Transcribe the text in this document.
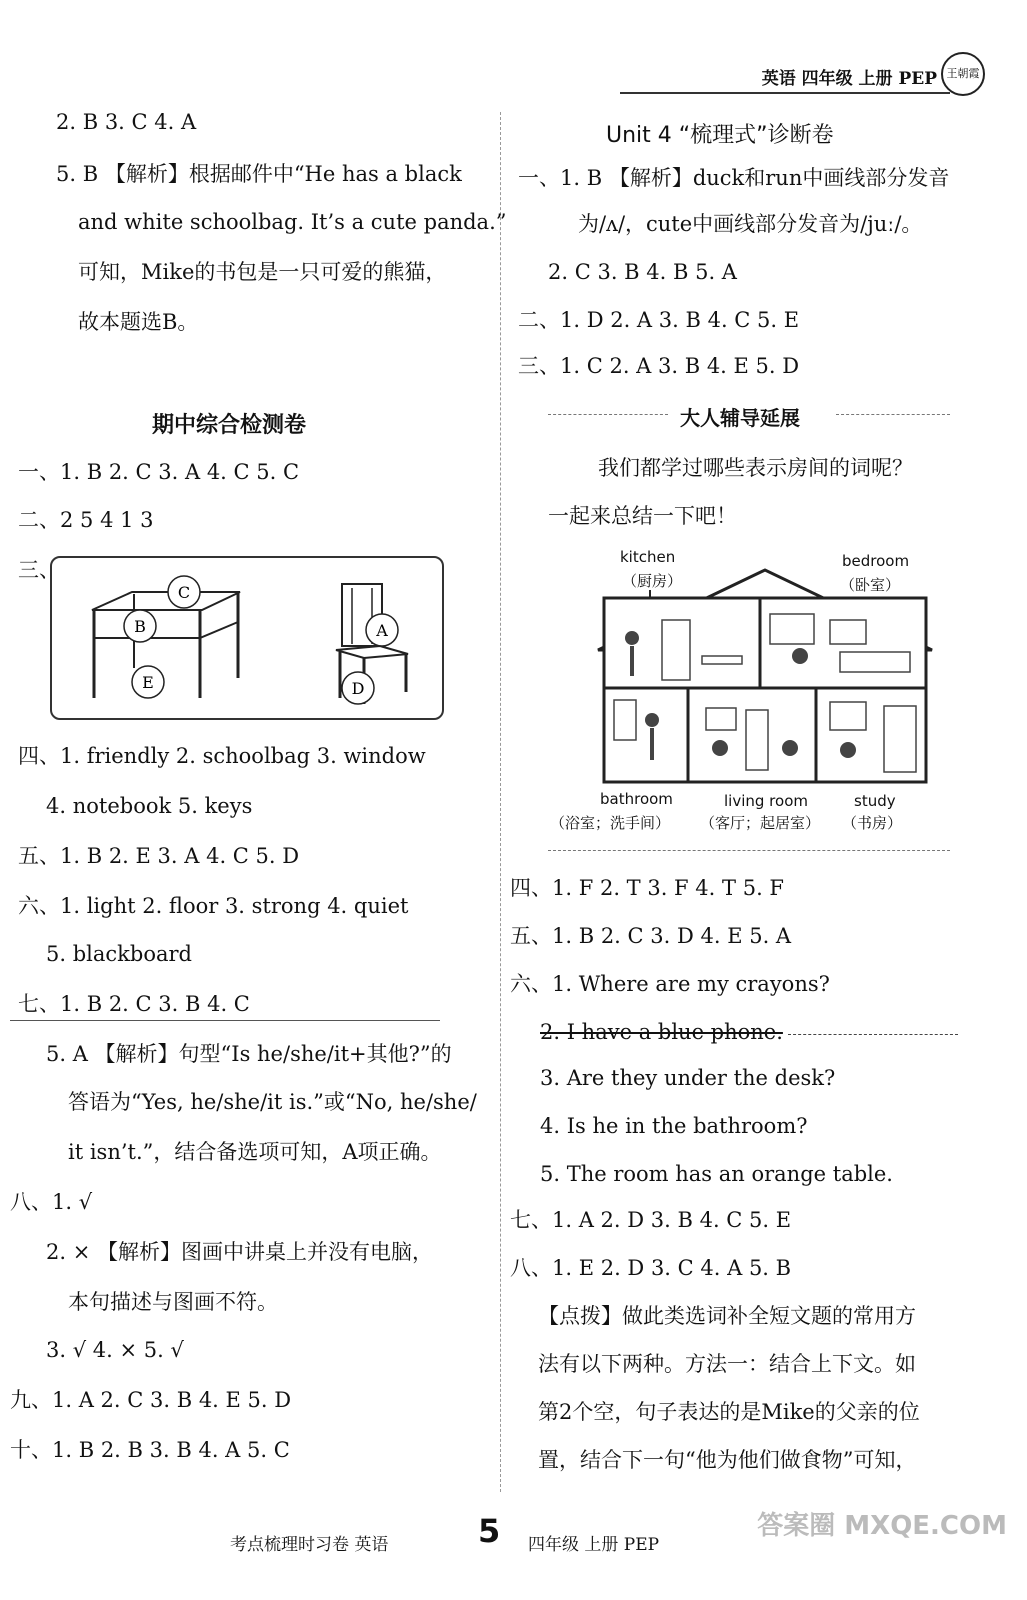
英语 四年级 上册 PEP 王朝霞
2. B 3. C 4. A
5. B 【解析】根据邮件中“He has a black
and white schoolbag. It’s a cute panda.”
可知，Mike的书包是一只可爱的熊猫，
故本题选B。
期中综合检测卷
一、1. B 2. C 3. A 4. C 5. C
二、2 5 4 1 3
三、
C
B
E
A
D
四、1. friendly 2. schoolbag 3. window
4. notebook 5. keys
五、1. B 2. E 3. A 4. C 5. D
六、1. light 2. floor 3. strong 4. quiet
5. blackboard
七、1. B 2. C 3. B 4. C
5. A 【解析】句型“Is he/she/it+其他?”的
答语为“Yes, he/she/it is.”或“No, he/she/
it isn’t.”，结合备选项可知，A项正确。
八、1. √
2. × 【解析】图画中讲桌上并没有电脑，
本句描述与图画不符。
3. √ 4. × 5. √
九、1. A 2. C 3. B 4. E 5. D
十、1. B 2. B 3. B 4. A 5. C
Unit 4 “梳理式”诊断卷
一、1. B 【解析】duck和run中画线部分发音
为/ʌ/，cute中画线部分发音为/juː/。
2. C 3. B 4. B 5. A
二、1. D 2. A 3. B 4. C 5. E
三、1. C 2. A 3. B 4. E 5. D
大人辅导延展
我们都学过哪些表示房间的词呢？
一起来总结一下吧！
kitchen
（厨房）
bedroom
（卧室）
bathroom
（浴室；洗手间）
living room
（客厅；起居室）
study
（书房）
四、1. F 2. T 3. F 4. T 5. F
五、1. B 2. C 3. D 4. E 5. A
六、1. Where are my crayons?
2. I have a blue phone.
3. Are they under the desk?
4. Is he in the bathroom?
5. The room has an orange table.
七、1. A 2. D 3. B 4. C 5. E
八、1. E 2. D 3. C 4. A 5. B
【点拨】做此类选词补全短文题的常用方
法有以下两种。方法一：结合上下文。如
第2个空，句子表达的是Mike的父亲的位
置，结合下一句“他为他们做食物”可知，
考点梳理时习卷 英语	5 四年级 上册 PEP
答案圈 MXQE.COM
